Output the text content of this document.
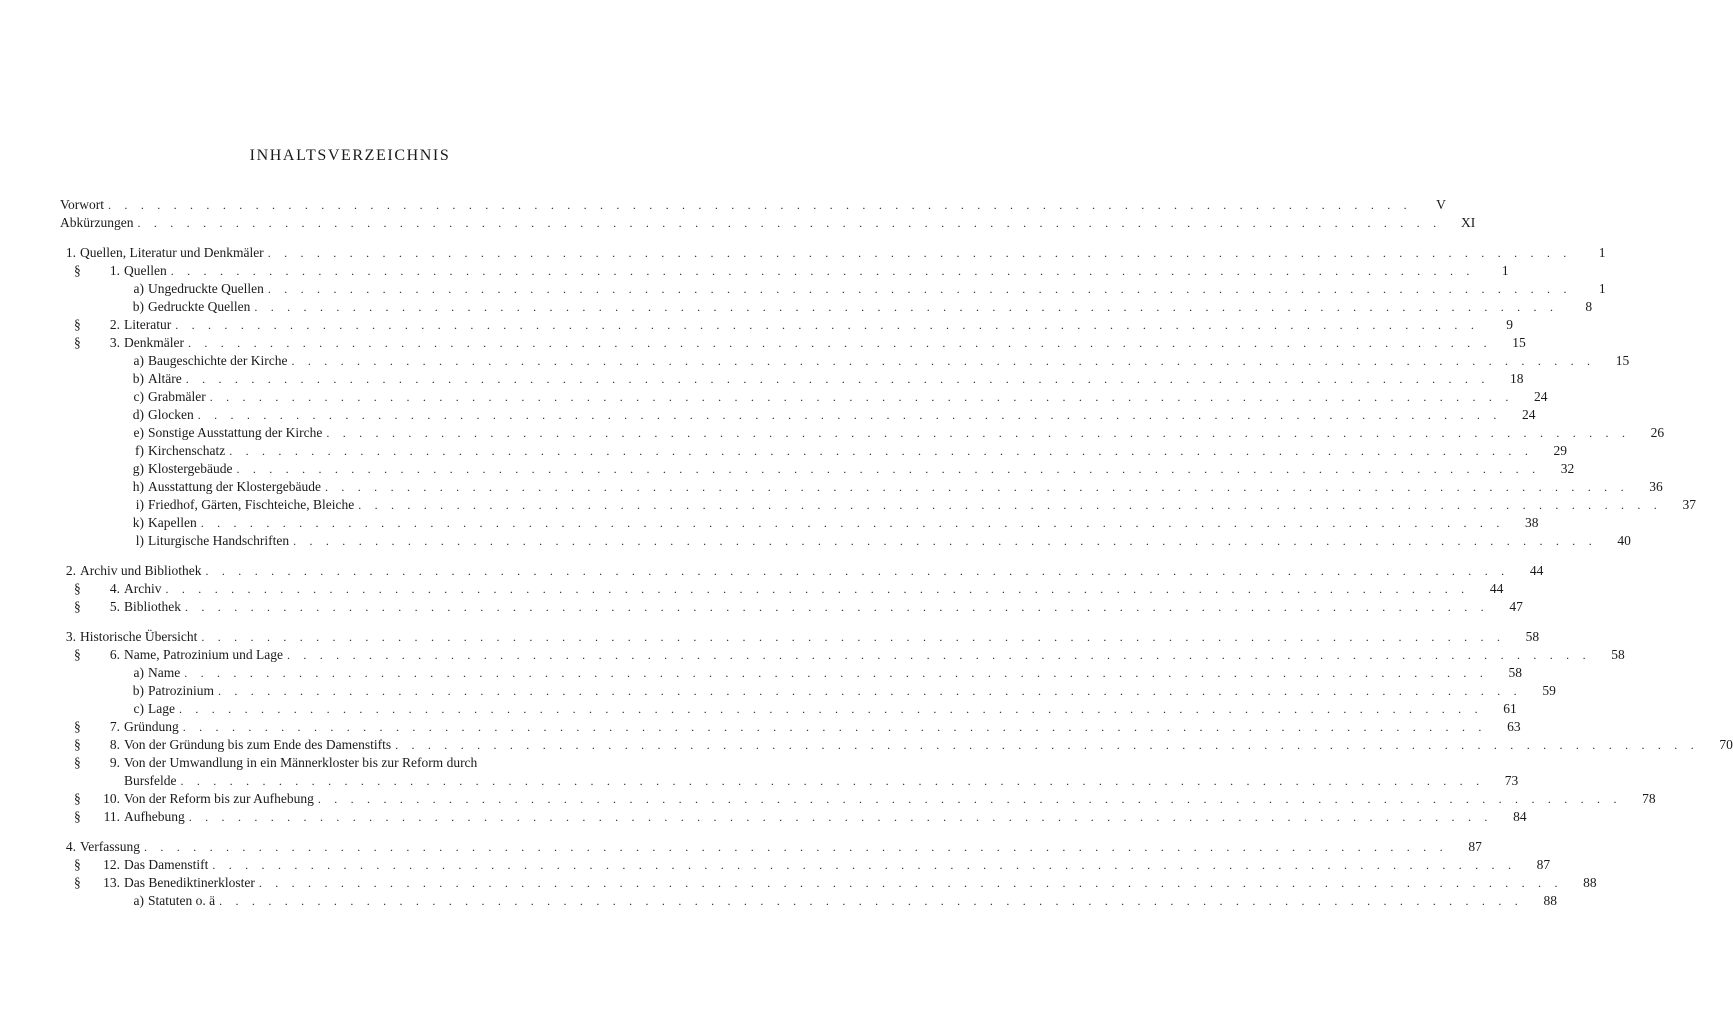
INHALTSVERZEICHNIS
Vorwort . . . . . . . . . . . . . . . . . . . . . . . . . . . . . . . . . . . . . . . . . . . . . . . . . . . . . . . . . . . . . . . . . . . . . . . . . . . . . . . .	V
Abkürzungen . . . . . . . . . . . . . . . . . . . . . . . . . . . . . . . . . . . . . . . . . . . . . . . . . . . . . . . . . . . . . . . . . . . . . . . . . . . . . . . .	XI
1. Quellen, Literatur und Denkmäler . . . . . . . . . . . . . . . . . . . . . . . . . . . . . . . . . . . . . . . . . . . . . . . . . . . . . . . . . . . . . . . . . . . . . . . . . . . . . . . .	1
§	1. Quellen . . . . . . . . . . . . . . . . . . . . . . . . . . . . . . . . . . . . . . . . . . . . . . . . . . . . . . . . . . . . . . . . . . . . . . . . . . . . . . . .	1
a) Ungedruckte Quellen . . . . . . . . . . . . . . . . . . . . . . . . . . . . . . . . . . . . . . . . . . . . . . . . . . . . . . . . . . . . . . . . . . . . . . . . . . . . . . . .	1
b) Gedruckte Quellen . . . . . . . . . . . . . . . . . . . . . . . . . . . . . . . . . . . . . . . . . . . . . . . . . . . . . . . . . . . . . . . . . . . . . . . . . . . . . . . .	8
§	2. Literatur . . . . . . . . . . . . . . . . . . . . . . . . . . . . . . . . . . . . . . . . . . . . . . . . . . . . . . . . . . . . . . . . . . . . . . . . . . . . . . . .	9
§	3. Denkmäler . . . . . . . . . . . . . . . . . . . . . . . . . . . . . . . . . . . . . . . . . . . . . . . . . . . . . . . . . . . . . . . . . . . . . . . . . . . . . . . .	15
a) Baugeschichte der Kirche . . . . . . . . . . . . . . . . . . . . . . . . . . . . . . . . . . . . . . . . . . . . . . . . . . . . . . . . . . . . . . . . . . . . . . . . . . . . . . . .	15
b) Altäre . . . . . . . . . . . . . . . . . . . . . . . . . . . . . . . . . . . . . . . . . . . . . . . . . . . . . . . . . . . . . . . . . . . . . . . . . . . . . . . .	18
c) Grabmäler . . . . . . . . . . . . . . . . . . . . . . . . . . . . . . . . . . . . . . . . . . . . . . . . . . . . . . . . . . . . . . . . . . . . . . . . . . . . . . . .	24
d) Glocken . . . . . . . . . . . . . . . . . . . . . . . . . . . . . . . . . . . . . . . . . . . . . . . . . . . . . . . . . . . . . . . . . . . . . . . . . . . . . . . .	24
e) Sonstige Ausstattung der Kirche . . . . . . . . . . . . . . . . . . . . . . . . . . . . . . . . . . . . . . . . . . . . . . . . . . . . . . . . . . . . . . . . . . . . . . . . . . . . . . . .	26
f) Kirchenschatz . . . . . . . . . . . . . . . . . . . . . . . . . . . . . . . . . . . . . . . . . . . . . . . . . . . . . . . . . . . . . . . . . . . . . . . . . . . . . . . .	29
g) Klostergebäude . . . . . . . . . . . . . . . . . . . . . . . . . . . . . . . . . . . . . . . . . . . . . . . . . . . . . . . . . . . . . . . . . . . . . . . . . . . . . . . .	32
h) Ausstattung der Klostergebäude . . . . . . . . . . . . . . . . . . . . . . . . . . . . . . . . . . . . . . . . . . . . . . . . . . . . . . . . . . . . . . . . . . . . . . . . . . . . . . . .	36
i) Friedhof, Gärten, Fischteiche, Bleiche . . . . . . . . . . . . . . . . . . . . . . . . . . . . . . . . . . . . . . . . . . . . . . . . . . . . . . . . . . . . . . . . . . . . . . . . . . . . . . . .	37
k) Kapellen . . . . . . . . . . . . . . . . . . . . . . . . . . . . . . . . . . . . . . . . . . . . . . . . . . . . . . . . . . . . . . . . . . . . . . . . . . . . . . . .	38
l) Liturgische Handschriften . . . . . . . . . . . . . . . . . . . . . . . . . . . . . . . . . . . . . . . . . . . . . . . . . . . . . . . . . . . . . . . . . . . . . . . . . . . . . . . .	40
2. Archiv und Bibliothek . . . . . . . . . . . . . . . . . . . . . . . . . . . . . . . . . . . . . . . . . . . . . . . . . . . . . . . . . . . . . . . . . . . . . . . . . . . . . . . .	44
§	4. Archiv . . . . . . . . . . . . . . . . . . . . . . . . . . . . . . . . . . . . . . . . . . . . . . . . . . . . . . . . . . . . . . . . . . . . . . . . . . . . . . . .	44
§	5. Bibliothek . . . . . . . . . . . . . . . . . . . . . . . . . . . . . . . . . . . . . . . . . . . . . . . . . . . . . . . . . . . . . . . . . . . . . . . . . . . . . . . .	47
3. Historische Übersicht . . . . . . . . . . . . . . . . . . . . . . . . . . . . . . . . . . . . . . . . . . . . . . . . . . . . . . . . . . . . . . . . . . . . . . . . . . . . . . . .	58
§	6. Name, Patrozinium und Lage . . . . . . . . . . . . . . . . . . . . . . . . . . . . . . . . . . . . . . . . . . . . . . . . . . . . . . . . . . . . . . . . . . . . . . . . . . . . . . . .	58
a) Name . . . . . . . . . . . . . . . . . . . . . . . . . . . . . . . . . . . . . . . . . . . . . . . . . . . . . . . . . . . . . . . . . . . . . . . . . . . . . . . .	58
b) Patrozinium . . . . . . . . . . . . . . . . . . . . . . . . . . . . . . . . . . . . . . . . . . . . . . . . . . . . . . . . . . . . . . . . . . . . . . . . . . . . . . . .	59
c) Lage . . . . . . . . . . . . . . . . . . . . . . . . . . . . . . . . . . . . . . . . . . . . . . . . . . . . . . . . . . . . . . . . . . . . . . . . . . . . . . . .	61
§	7. Gründung . . . . . . . . . . . . . . . . . . . . . . . . . . . . . . . . . . . . . . . . . . . . . . . . . . . . . . . . . . . . . . . . . . . . . . . . . . . . . . . .	63
§	8. Von der Gründung bis zum Ende des Damenstifts . . . . . . . . . . . . . . . . . . . . . . . . . . . . . . . . . . . . . . . . . . . . . . . . . . . . . . . . . . . . . . . . . . . . . . . . . . . . . . . .	70
§	9. Von der Umwandlung in ein Männerkloster bis zur Reform durch
Bursfelde . . . . . . . . . . . . . . . . . . . . . . . . . . . . . . . . . . . . . . . . . . . . . . . . . . . . . . . . . . . . . . . . . . . . . . . . . . . . . . . .	73
§	10. Von der Reform bis zur Aufhebung . . . . . . . . . . . . . . . . . . . . . . . . . . . . . . . . . . . . . . . . . . . . . . . . . . . . . . . . . . . . . . . . . . . . . . . . . . . . . . . .	78
§	11. Aufhebung . . . . . . . . . . . . . . . . . . . . . . . . . . . . . . . . . . . . . . . . . . . . . . . . . . . . . . . . . . . . . . . . . . . . . . . . . . . . . . . .	84
4. Verfassung . . . . . . . . . . . . . . . . . . . . . . . . . . . . . . . . . . . . . . . . . . . . . . . . . . . . . . . . . . . . . . . . . . . . . . . . . . . . . . . .	87
§	12. Das Damenstift . . . . . . . . . . . . . . . . . . . . . . . . . . . . . . . . . . . . . . . . . . . . . . . . . . . . . . . . . . . . . . . . . . . . . . . . . . . . . . . .	87
§	13. Das Benediktinerkloster . . . . . . . . . . . . . . . . . . . . . . . . . . . . . . . . . . . . . . . . . . . . . . . . . . . . . . . . . . . . . . . . . . . . . . . . . . . . . . . .	88
a) Statuten o. ä . . . . . . . . . . . . . . . . . . . . . . . . . . . . . . . . . . . . . . . . . . . . . . . . . . . . . . . . . . . . . . . . . . . . . . . . . . . . . . . .	88
